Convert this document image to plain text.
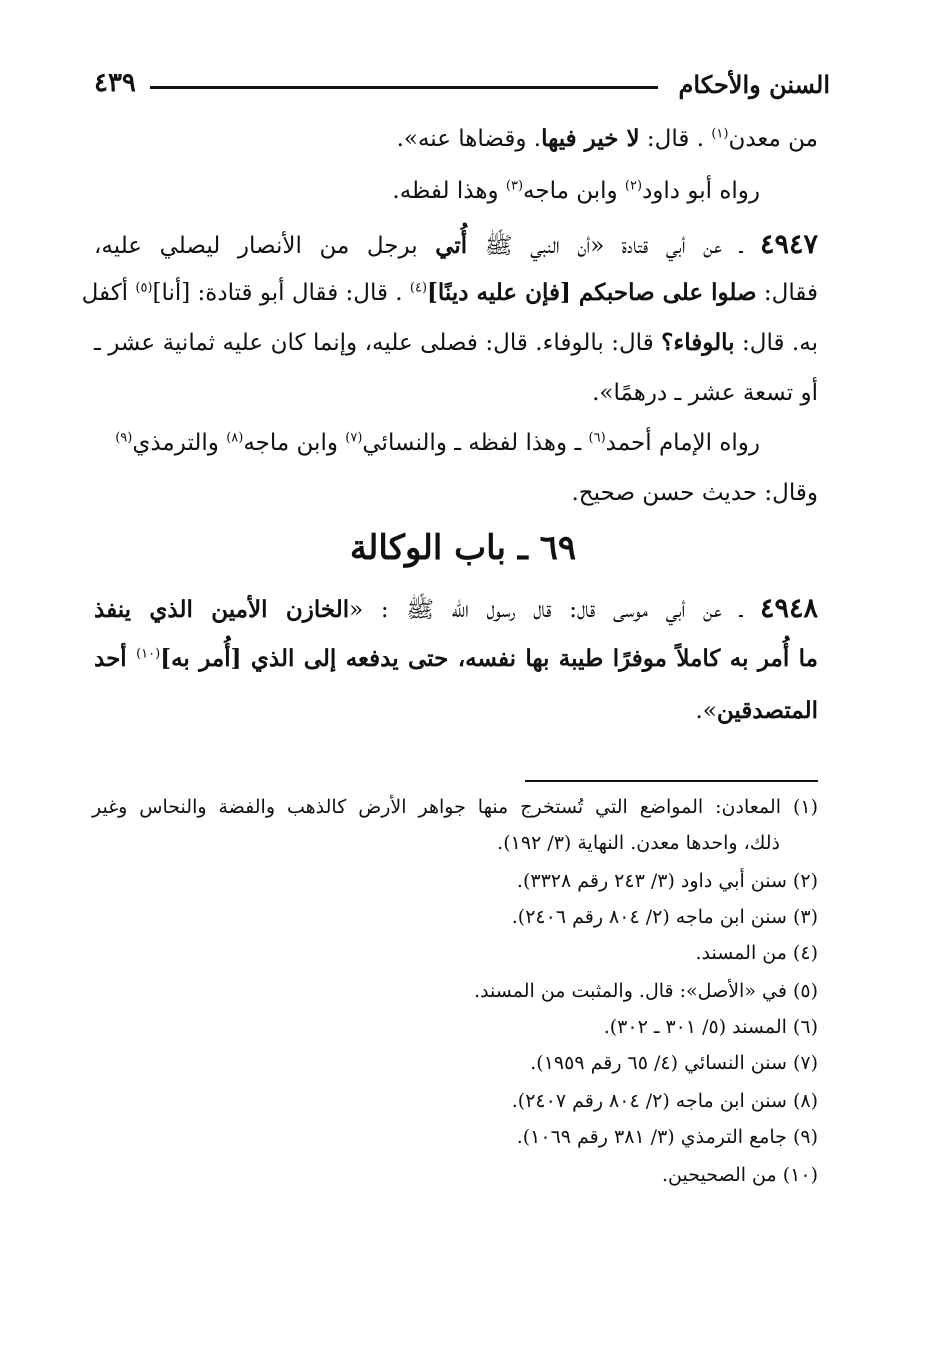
السنن والأحكام
٤٣٩
من معدن$^{(١)}$ . قال: لا خير فيها. وقضاها عنه».
رواه أبو داود$^{(٢)}$ وابن ماجه$^{(٣)}$ وهذا لفظه.
٤٩٤٧ ـ عن أبي قتادة «أن النبي ﷺ أُتي برجل من الأنصار ليصلي عليه،
فقال: صلوا على صاحبكم [فإن عليه دينًا]$^{(٤)}$ . قال: فقال أبو قتادة: [أنا]$^{(٥)}$ أكفل
به. قال: بالوفاء؟ قال: بالوفاء. قال: فصلى عليه، وإنما كان عليه ثمانية عشر ـ
أو تسعة عشر ـ درهمًا».
رواه الإمام أحمد$^{(٦)}$ ـ وهذا لفظه ـ والنسائي$^{(٧)}$ وابن ماجه$^{(٨)}$ والترمذي$^{(٩)}$
وقال: حديث حسن صحيح.
٦٩ ـ باب الوكالة
٤٩٤٨ ـ عن أبي موسى قال: قال رسول الله ﷺ : «الخازن الأمين الذي ينفذ
ما أُمر به كاملاً موفرًا طيبة بها نفسه، حتى يدفعه إلى الذي [أُمر به]$^{(١٠)}$ أحد
المتصدقين».
(١) المعادن: المواضع التي تُستخرج منها جواهر الأرض كالذهب والفضة والنحاس وغير
ذلك، واحدها معدن. النهاية (٣/ ١٩٢).
(٢) سنن أبي داود (٣/ ٢٤٣ رقم ٣٣٢٨).
(٣) سنن ابن ماجه (٢/ ٨٠٤ رقم ٢٤٠٦).
(٤) من المسند.
(٥) في «الأصل»: قال. والمثبت من المسند.
(٦) المسند (٥/ ٣٠١ ـ ٣٠٢).
(٧) سنن النسائي (٤/ ٦٥ رقم ١٩٥٩).
(٨) سنن ابن ماجه (٢/ ٨٠٤ رقم ٢٤٠٧).
(٩) جامع الترمذي (٣/ ٣٨١ رقم ١٠٦٩).
(١٠) من الصحيحين.
